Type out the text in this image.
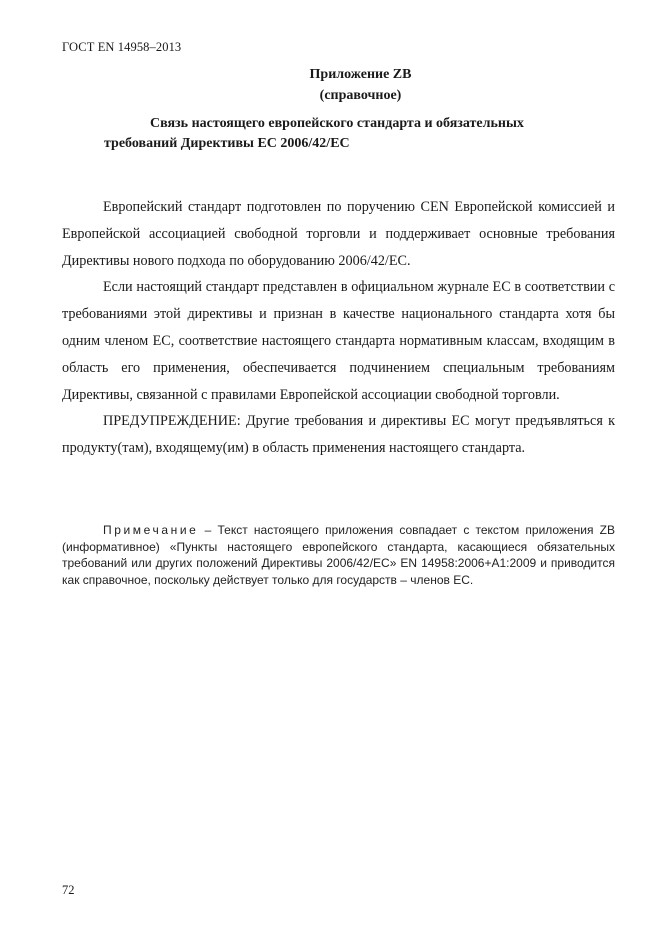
ГОСТ EN 14958–2013
Приложение ZB
(справочное)
Связь настоящего европейского стандарта и обязательных
требований Директивы ЕС 2006/42/ЕС

Европейский стандарт подготовлен по поручению CEN Европейской комиссией и Европейской ассоциацией свободной торговли и поддерживает основные требования Директивы нового подхода по оборудованию 2006/42/ЕС.

Если настоящий стандарт представлен в официальном журнале ЕС в соответствии с требованиями этой директивы и признан в качестве национального стандарта хотя бы одним членом ЕС, соответствие настоящего стандарта нормативным классам, входящим в область его применения, обеспечивается подчинением специальным требованиям Директивы, связанной с правилами Европейской ассоциации свободной торговли.

ПРЕДУПРЕЖДЕНИЕ: Другие требования и директивы ЕС могут предъявляться к продукту(там), входящему(им) в область применения настоящего стандарта.

Примечание – Текст настоящего приложения совпадает с текстом приложения ZB (информативное) «Пункты настоящего европейского стандарта, касающиеся обязательных требований или других положений Директивы 2006/42/ЕС» EN 14958:2006+A1:2009 и приводится как справочное, поскольку действует только для государств – членов ЕС.

72
